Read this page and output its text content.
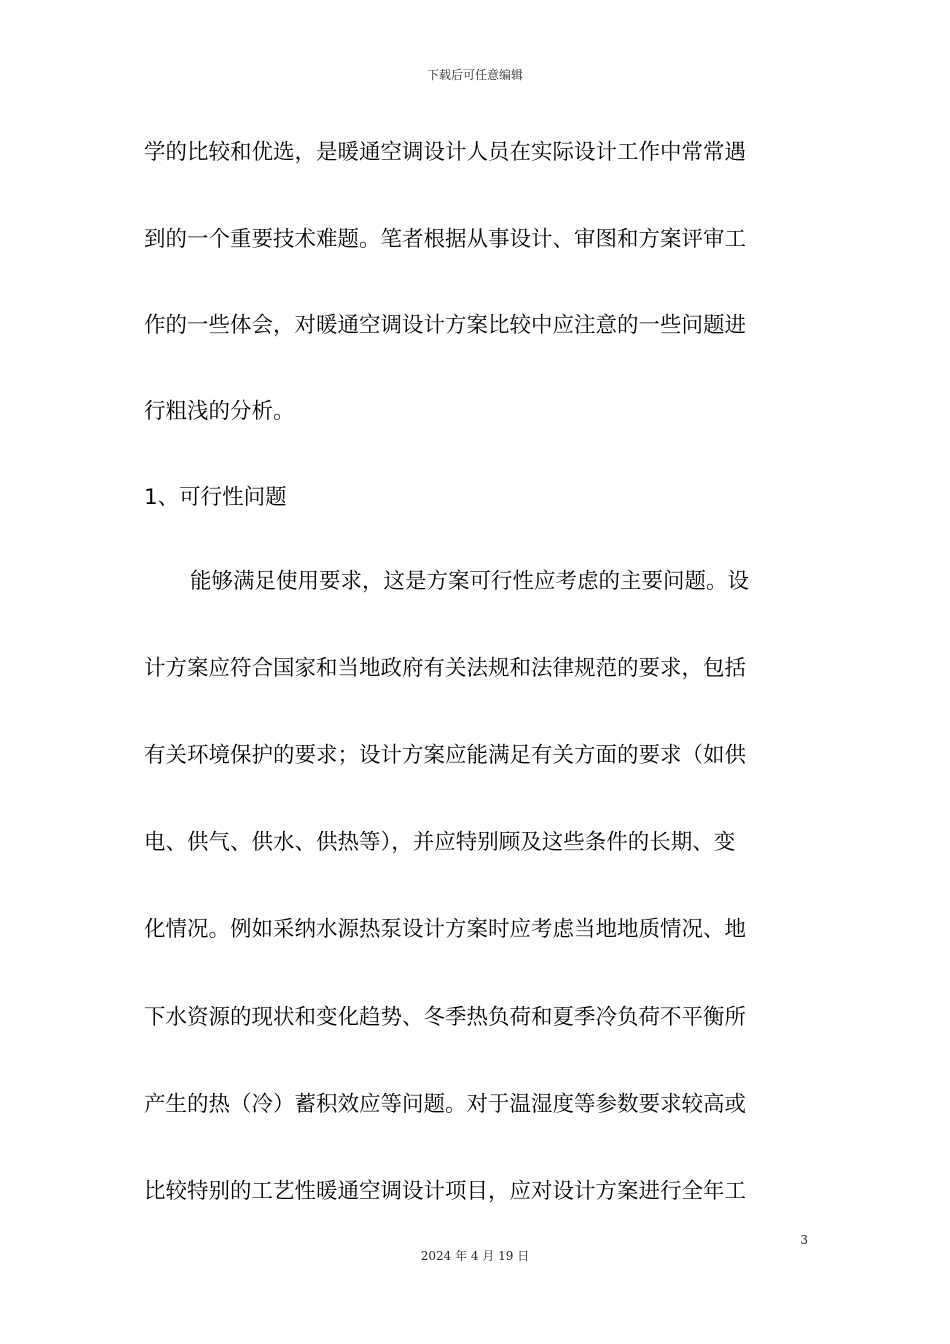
下载后可任意编辑
学的比较和优选，是暖通空调设计人员在实际设计工作中常常遇
到的一个重要技术难题。笔者根据从事设计、审图和方案评审工
作的一些体会，对暖通空调设计方案比较中应注意的一些问题进
行粗浅的分析。
1、可行性问题
能够满足使用要求，这是方案可行性应考虑的主要问题。设
计方案应符合国家和当地政府有关法规和法律规范的要求，包括
有关环境保护的要求；设计方案应能满足有关方面的要求（如供
电、供气、供水、供热等），并应特别顾及这些条件的长期、变
化情况。例如采纳水源热泵设计方案时应考虑当地地质情况、地
下水资源的现状和变化趋势、冬季热负荷和夏季冷负荷不平衡所
产生的热（冷）蓄积效应等问题。对于温湿度等参数要求较高或
比较特别的工艺性暖通空调设计项目，应对设计方案进行全年工
3
2024 年 4 月 19 日
